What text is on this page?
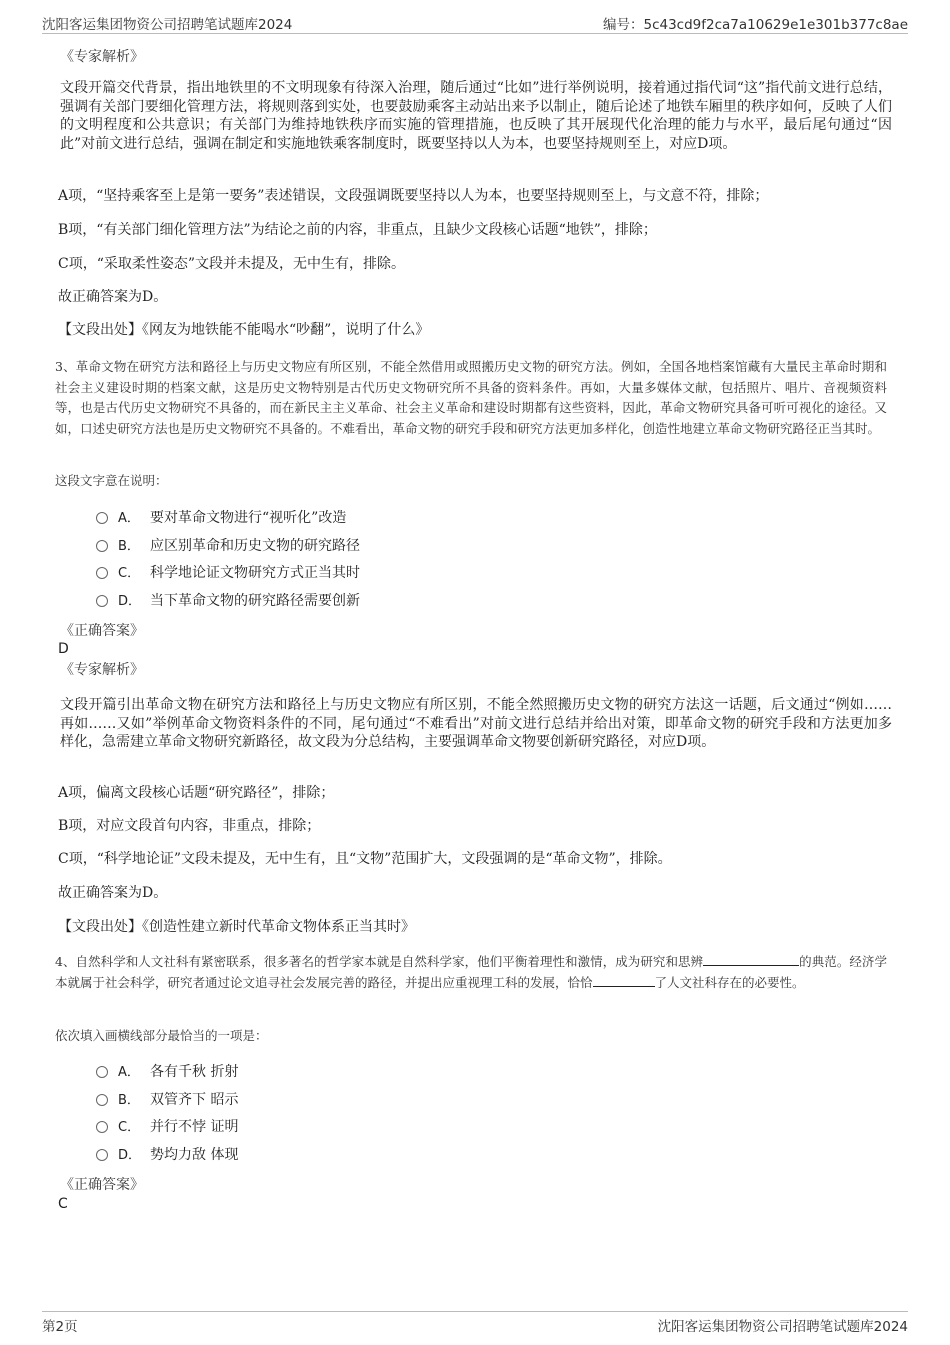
沈阳客运集团物资公司招聘笔试题库2024	编号：5c43cd9f2ca7a10629e1e301b377c8ae
《专家解析》
文段开篇交代背景，指出地铁里的不文明现象有待深入治理，随后通过“比如”进行举例说明，接着通过指代词“这”指代前文进行总结，强调有关部门要细化管理方法，将规则落到实处，也要鼓励乘客主动站出来予以制止，随后论述了地铁车厢里的秩序如何，反映了人们的文明程度和公共意识；有关部门为维持地铁秩序而实施的管理措施，也反映了其开展现代化治理的能力与水平，最后尾句通过“因此”对前文进行总结，强调在制定和实施地铁乘客制度时，既要坚持以人为本，也要坚持规则至上，对应D项。
A项，“坚持乘客至上是第一要务”表述错误，文段强调既要坚持以人为本，也要坚持规则至上，与文意不符，排除；
B项，“有关部门细化管理方法”为结论之前的内容，非重点，且缺少文段核心话题“地铁”，排除；
C项，“采取柔性姿态”文段并未提及，无中生有，排除。
故正确答案为D。
【文段出处】《网友为地铁能不能喝水“吵翻”，说明了什么》
3、革命文物在研究方法和路径上与历史文物应有所区别，不能全然借用或照搬历史文物的研究方法。例如，全国各地档案馆藏有大量民主革命时期和社会主义建设时期的档案文献，这是历史文物特别是古代历史文物研究所不具备的资料条件。再如，大量多媒体文献，包括照片、唱片、音视频资料等，也是古代历史文物研究不具备的，而在新民主主义革命、社会主义革命和建设时期都有这些资料，因此，革命文物研究具备可听可视化的途径。又如，口述史研究方法也是历史文物研究不具备的。不难看出，革命文物的研究手段和研究方法更加多样化，创造性地建立革命文物研究路径正当其时。
这段文字意在说明：
A． 要对革命文物进行“视听化”改造
B． 应区别革命和历史文物的研究路径
C． 科学地论证文物研究方式正当其时
D． 当下革命文物的研究路径需要创新
《正确答案》
D
《专家解析》
文段开篇引出革命文物在研究方法和路径上与历史文物应有所区别，不能全然照搬历史文物的研究方法这一话题，后文通过“例如……再如……又如”举例革命文物资料条件的不同，尾句通过“不难看出”对前文进行总结并给出对策，即革命文物的研究手段和方法更加多样化，急需建立革命文物研究新路径，故文段为分总结构，主要强调革命文物要创新研究路径，对应D项。
A项，偏离文段核心话题“研究路径”，排除；
B项，对应文段首句内容，非重点，排除；
C项，“科学地论证”文段未提及，无中生有，且“文物”范围扩大，文段强调的是“革命文物”，排除。
故正确答案为D。
【文段出处】《创造性建立新时代革命文物体系正当其时》
4、自然科学和人文社科有紧密联系，很多著名的哲学家本就是自然科学家，他们平衡着理性和激情，成为研究和思辨	的典范。经济学本就属于社会科学，研究者通过论文追寻社会发展完善的路径，并提出应重视理工科的发展，恰恰	了人文社科存在的必要性。
依次填入画横线部分最恰当的一项是：
A． 各有千秋 折射
B． 双管齐下 昭示
C． 并行不悖 证明
D． 势均力敌 体现
《正确答案》
C
第2页	沈阳客运集团物资公司招聘笔试题库2024
